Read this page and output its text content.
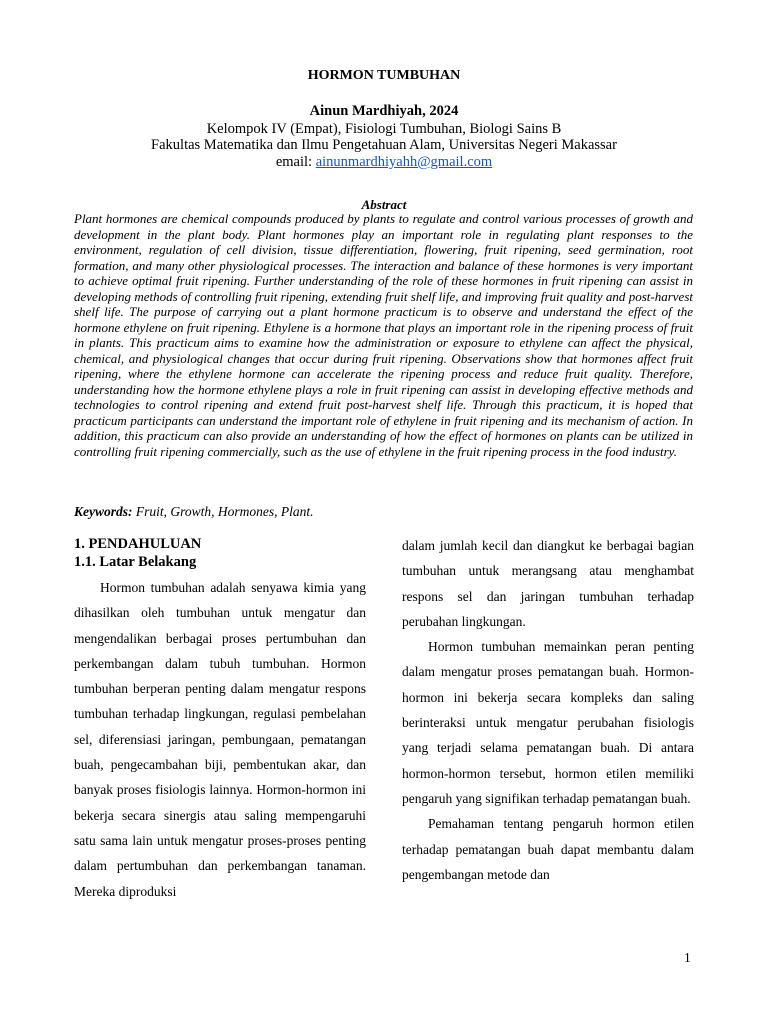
HORMON TUMBUHAN
Ainun Mardhiyah, 2024
Kelompok IV (Empat), Fisiologi Tumbuhan, Biologi Sains B
Fakultas Matematika dan Ilmu Pengetahuan Alam, Universitas Negeri Makassar
email: ainunmardhiyahh@gmail.com
Abstract

Plant hormones are chemical compounds produced by plants to regulate and control various processes of growth and development in the plant body. Plant hormones play an important role in regulating plant responses to the environment, regulation of cell division, tissue differentiation, flowering, fruit ripening, seed germination, root formation, and many other physiological processes. The interaction and balance of these hormones is very important to achieve optimal fruit ripening. Further understanding of the role of these hormones in fruit ripening can assist in developing methods of controlling fruit ripening, extending fruit shelf life, and improving fruit quality and post-harvest shelf life. The purpose of carrying out a plant hormone practicum is to observe and understand the effect of the hormone ethylene on fruit ripening. Ethylene is a hormone that plays an important role in the ripening process of fruit in plants. This practicum aims to examine how the administration or exposure to ethylene can affect the physical, chemical, and physiological changes that occur during fruit ripening. Observations show that hormones affect fruit ripening, where the ethylene hormone can accelerate the ripening process and reduce fruit quality. Therefore, understanding how the hormone ethylene plays a role in fruit ripening can assist in developing effective methods and technologies to control ripening and extend fruit post-harvest shelf life. Through this practicum, it is hoped that practicum participants can understand the important role of ethylene in fruit ripening and its mechanism of action. In addition, this practicum can also provide an understanding of how the effect of hormones on plants can be utilized in controlling fruit ripening commercially, such as the use of ethylene in the fruit ripening process in the food industry.

Keywords: Fruit, Growth, Hormones, Plant.

1. PENDAHULUAN

1.1. Latar Belakang

Hormon tumbuhan adalah senyawa kimia yang dihasilkan oleh tumbuhan untuk mengatur dan mengendalikan berbagai proses pertumbuhan dan perkembangan dalam tubuh tumbuhan. Hormon tumbuhan berperan penting dalam mengatur respons tumbuhan terhadap lingkungan, regulasi pembelahan sel, diferensiasi jaringan, pembungaan, pematangan buah, pengecambahan biji, pembentukan akar, dan banyak proses fisiologis lainnya. Hormon-hormon ini bekerja secara sinergis atau saling mempengaruhi satu sama lain untuk mengatur proses-proses penting dalam pertumbuhan dan perkembangan tanaman. Mereka diproduksi

dalam jumlah kecil dan diangkut ke berbagai bagian tumbuhan untuk merangsang atau menghambat respons sel dan jaringan tumbuhan terhadap perubahan lingkungan.

Hormon tumbuhan memainkan peran penting dalam mengatur proses pematangan buah. Hormon-hormon ini bekerja secara kompleks dan saling berinteraksi untuk mengatur perubahan fisiologis yang terjadi selama pematangan buah. Di antara hormon-hormon tersebut, hormon etilen memiliki pengaruh yang signifikan terhadap pematangan buah.

Pemahaman tentang pengaruh hormon etilen terhadap pematangan buah dapat membantu dalam pengembangan metode dan

1
